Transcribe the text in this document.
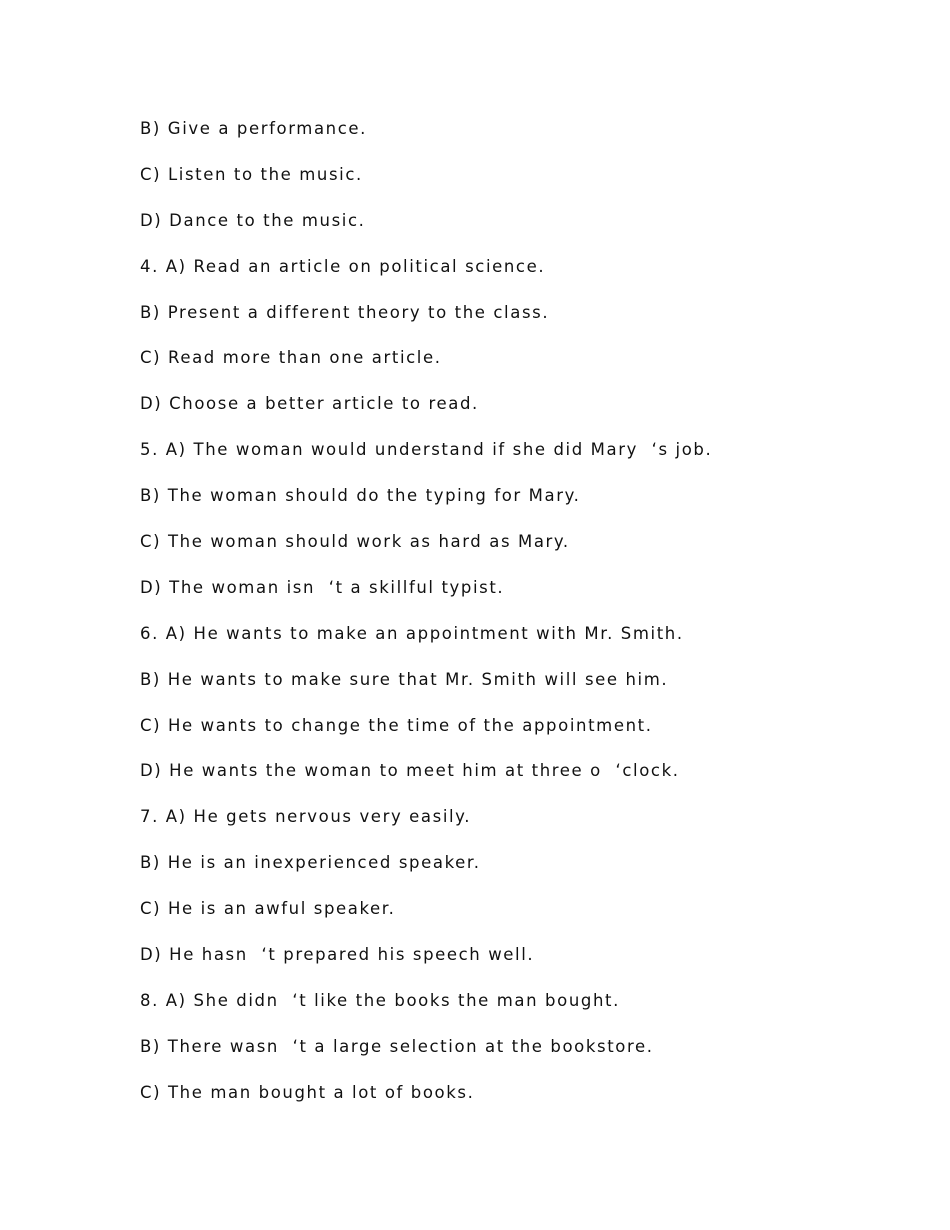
B) Give a performance.
C) Listen to the music.
D) Dance to the music.
4. A) Read an article on political science.
B) Present a different theory to the class.
C) Read more than one article.
D) Choose a better article to read.
5. A) The woman would understand if she did Mary  ‘s job.
B) The woman should do the typing for Mary.
C) The woman should work as hard as Mary.
D) The woman isn  ‘t a skillful typist.
6. A) He wants to make an appointment with Mr. Smith.
B) He wants to make sure that Mr. Smith will see him.
C) He wants to change the time of the appointment.
D) He wants the woman to meet him at three o  ‘clock.
7. A) He gets nervous very easily.
B) He is an inexperienced speaker.
C) He is an awful speaker.
D) He hasn  ‘t prepared his speech well.
8. A) She didn  ‘t like the books the man bought.
B) There wasn  ‘t a large selection at the bookstore.
C) The man bought a lot of books.
